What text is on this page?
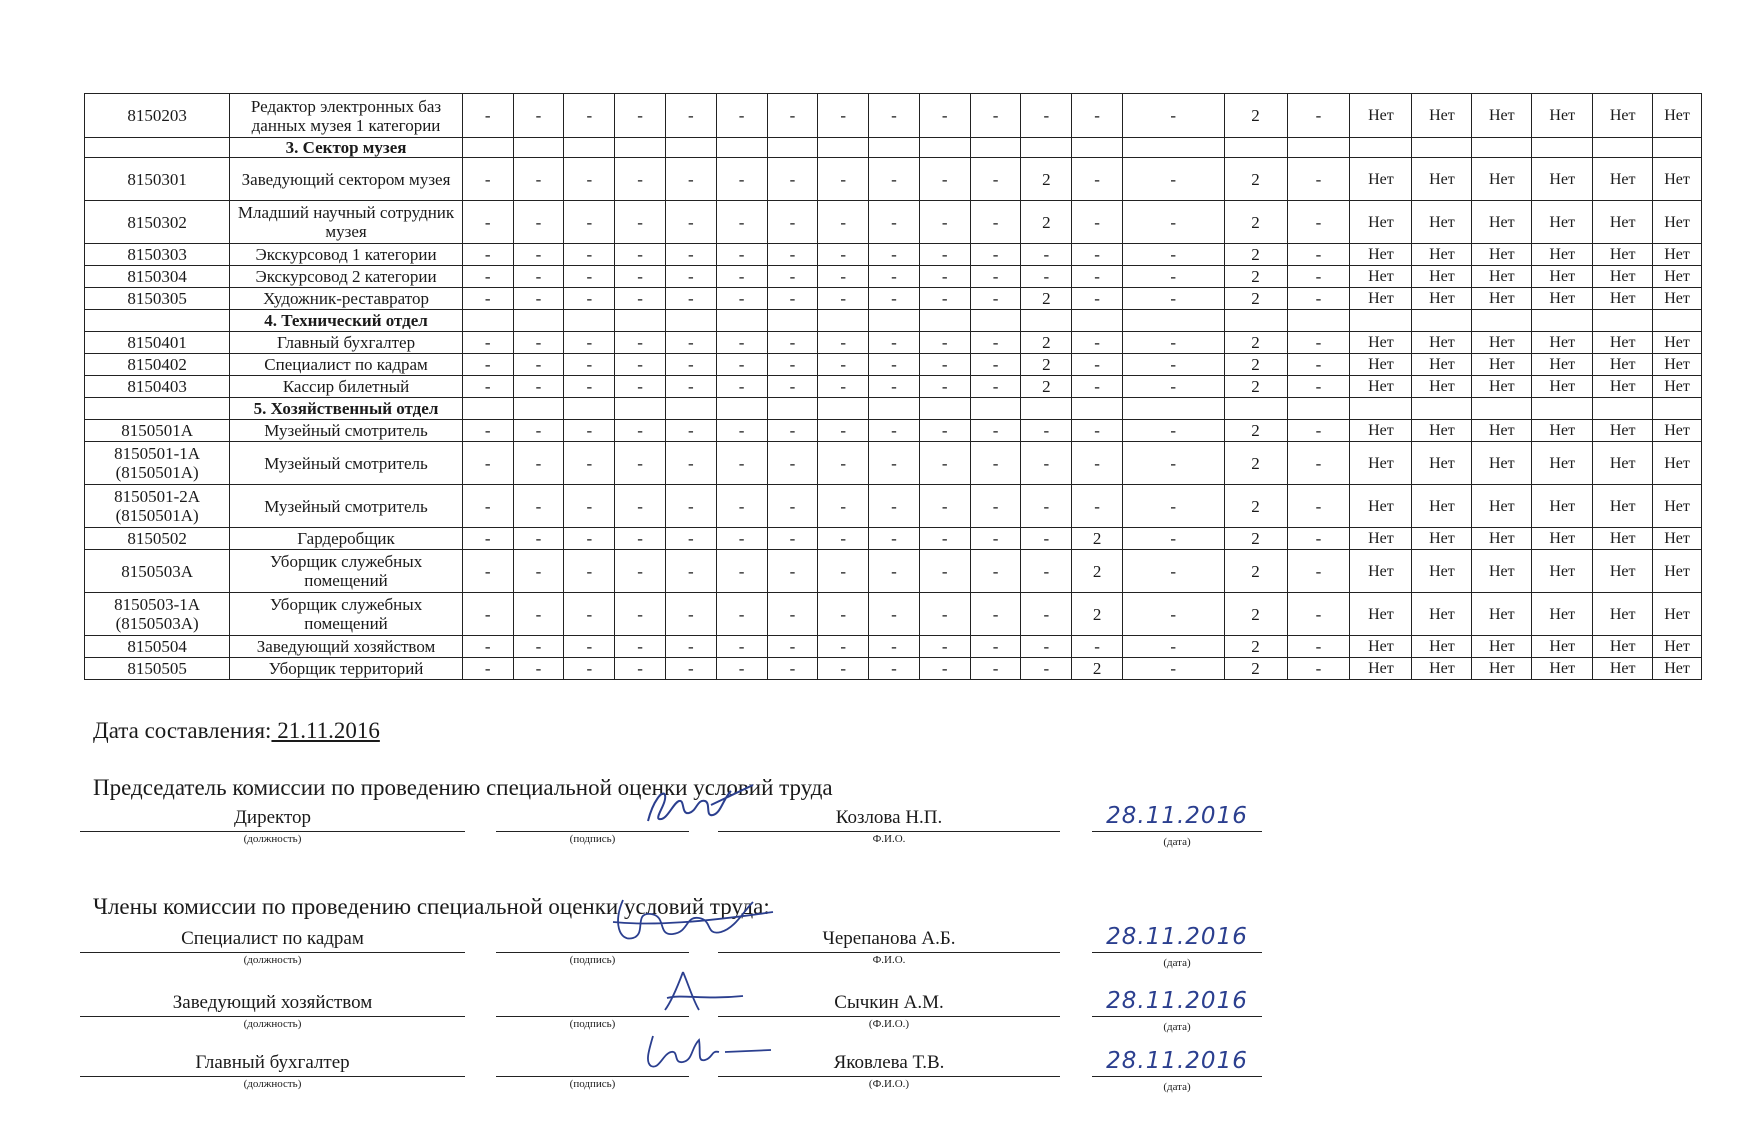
8150203	Редактор электронных баз данных музея 1 категории	-	-	-	-	-	-	-	-	-	-	-	-	-	-	2	-	Нет	Нет	Нет	Нет	Нет	Нет
	3. Сектор музея																						
8150301	Заведующий сектором музея	-	-	-	-	-	-	-	-	-	-	-	2	-	-	2	-	Нет	Нет	Нет	Нет	Нет	Нет
8150302	Младший научный сотрудник музея	-	-	-	-	-	-	-	-	-	-	-	2	-	-	2	-	Нет	Нет	Нет	Нет	Нет	Нет
8150303	Экскурсовод 1 категории	-	-	-	-	-	-	-	-	-	-	-	-	-	-	2	-	Нет	Нет	Нет	Нет	Нет	Нет
8150304	Экскурсовод 2 категории	-	-	-	-	-	-	-	-	-	-	-	-	-	-	2	-	Нет	Нет	Нет	Нет	Нет	Нет
8150305	Художник-реставратор	-	-	-	-	-	-	-	-	-	-	-	2	-	-	2	-	Нет	Нет	Нет	Нет	Нет	Нет
	4. Технический отдел																						
8150401	Главный бухгалтер	-	-	-	-	-	-	-	-	-	-	-	2	-	-	2	-	Нет	Нет	Нет	Нет	Нет	Нет
8150402	Специалист по кадрам	-	-	-	-	-	-	-	-	-	-	-	2	-	-	2	-	Нет	Нет	Нет	Нет	Нет	Нет
8150403	Кассир билетный	-	-	-	-	-	-	-	-	-	-	-	2	-	-	2	-	Нет	Нет	Нет	Нет	Нет	Нет
	5. Хозяйственный отдел																						
8150501А	Музейный смотритель	-	-	-	-	-	-	-	-	-	-	-	-	-	-	2	-	Нет	Нет	Нет	Нет	Нет	Нет
8150501-1А (8150501А)	Музейный смотритель	-	-	-	-	-	-	-	-	-	-	-	-	-	-	2	-	Нет	Нет	Нет	Нет	Нет	Нет
8150501-2А (8150501А)	Музейный смотритель	-	-	-	-	-	-	-	-	-	-	-	-	-	-	2	-	Нет	Нет	Нет	Нет	Нет	Нет
8150502	Гардеробщик	-	-	-	-	-	-	-	-	-	-	-	-	2	-	2	-	Нет	Нет	Нет	Нет	Нет	Нет
8150503А	Уборщик служебных помещений	-	-	-	-	-	-	-	-	-	-	-	-	2	-	2	-	Нет	Нет	Нет	Нет	Нет	Нет
8150503-1А (8150503А)	Уборщик служебных помещений	-	-	-	-	-	-	-	-	-	-	-	-	2	-	2	-	Нет	Нет	Нет	Нет	Нет	Нет
8150504	Заведующий хозяйством	-	-	-	-	-	-	-	-	-	-	-	-	-	-	2	-	Нет	Нет	Нет	Нет	Нет	Нет
8150505	Уборщик территорий	-	-	-	-	-	-	-	-	-	-	-	-	2	-	2	-	Нет	Нет	Нет	Нет	Нет	Нет
Дата составления: 21.11.2016
Председатель комиссии по проведению специальной оценки условий труда
Директор
(должность)	(подпись)
Козлова Н.П.
Ф.И.О.
28.11.2016
(дата)
Члены комиссии по проведению специальной оценки условий труда:
Специалист по кадрам
(должность)	(подпись)
Черепанова А.Б.
Ф.И.О.
28.11.2016
(дата)
Заведующий хозяйством
(должность)	(подпись)
Сычкин А.М.
(Ф.И.О.)
28.11.2016
(дата)
Главный бухгалтер
(должность)	(подпись)
Яковлева Т.В.
(Ф.И.О.)
28.11.2016
(дата)
